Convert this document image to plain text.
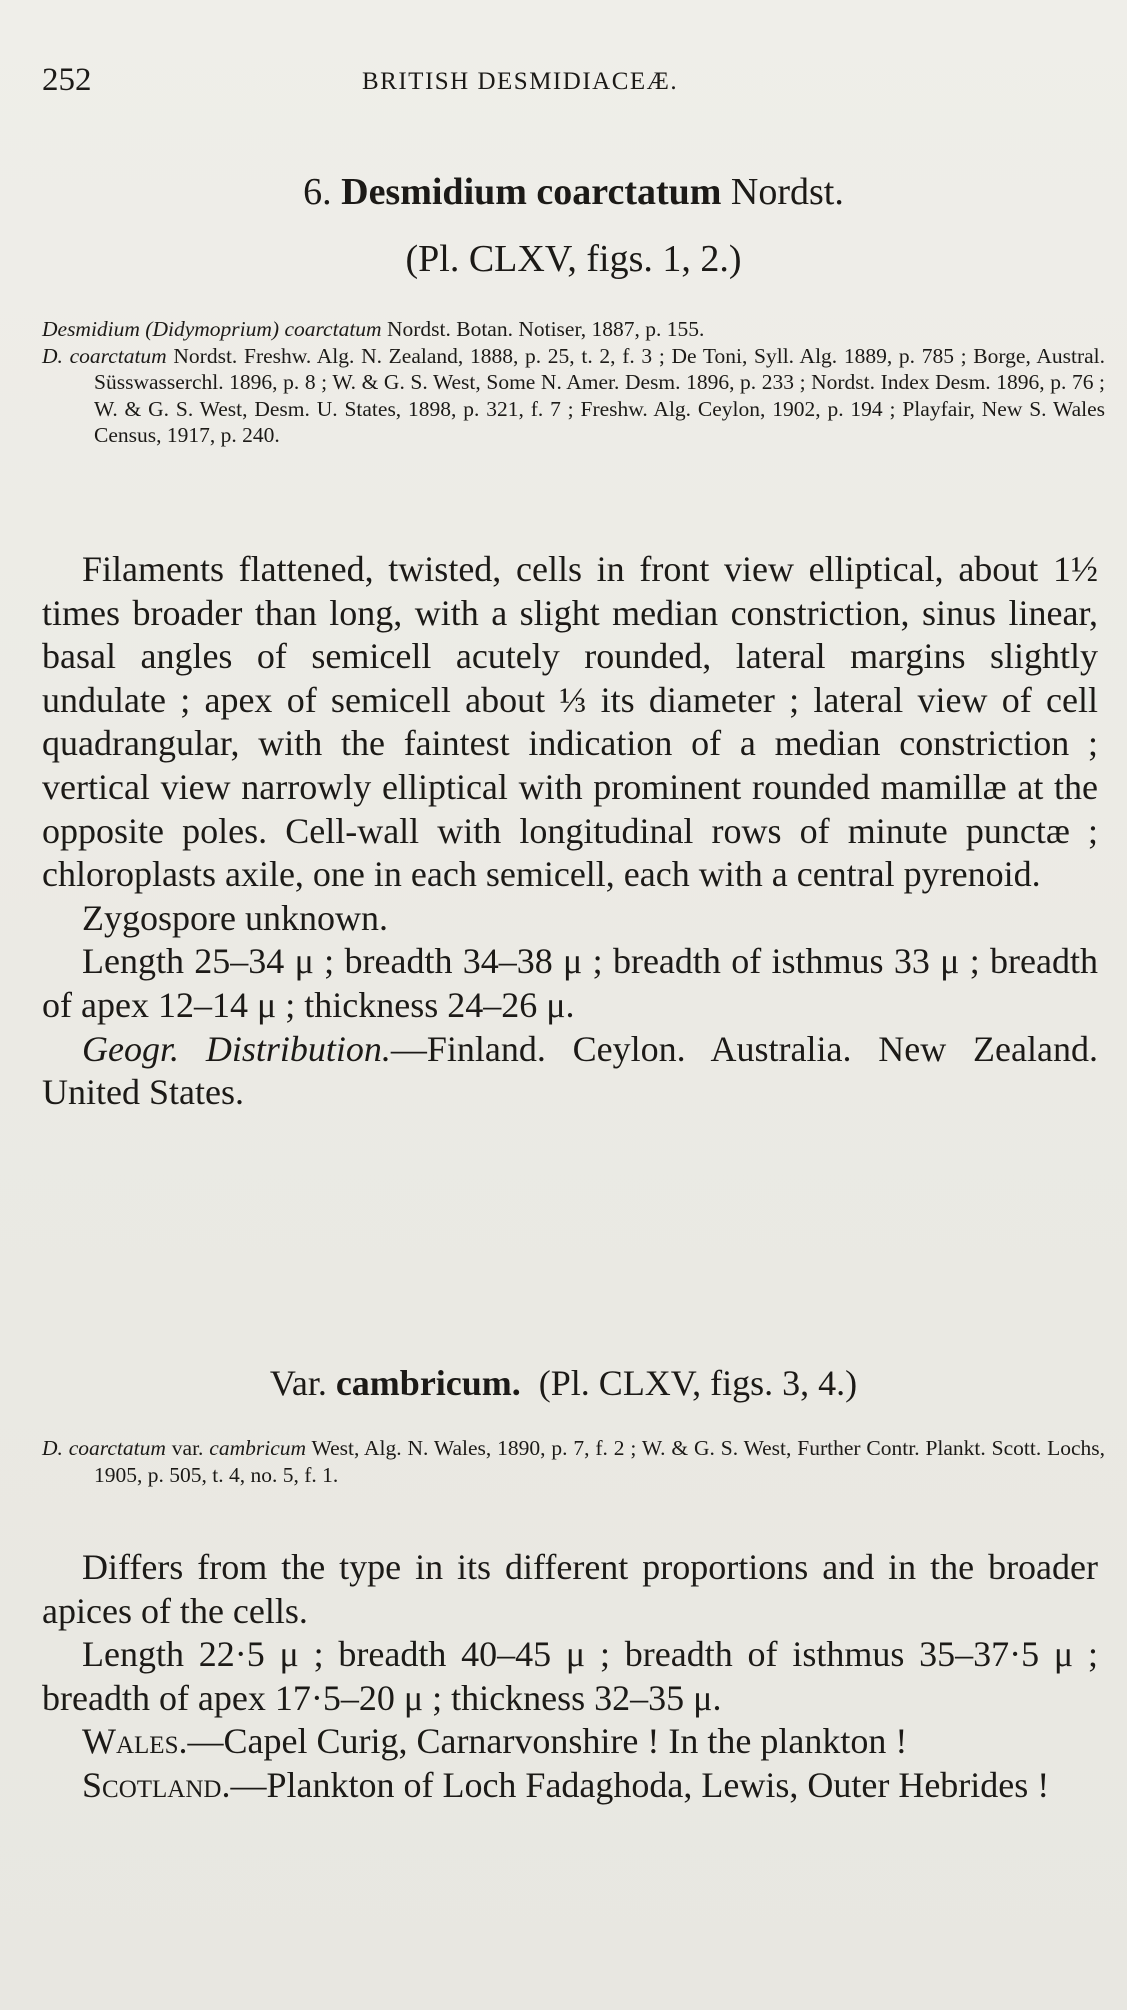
252	BRITISH DESMIDIACEÆ.
6. Desmidium coarctatum Nordst.
(Pl. CLXV, figs. 1, 2.)
Desmidium (Didymoprium) coarctatum Nordst. Botan. Notiser, 1887, p. 155.
D. coarctatum Nordst. Freshw. Alg. N. Zealand, 1888, p. 25, t. 2, f. 3 ; De Toni, Syll. Alg. 1889, p. 785 ; Borge, Austral. Süsswasserchl. 1896, p. 8 ; W. & G. S. West, Some N. Amer. Desm. 1896, p. 233 ; Nordst. Index Desm. 1896, p. 76 ; W. & G. S. West, Desm. U. States, 1898, p. 321, f. 7 ; Freshw. Alg. Ceylon, 1902, p. 194 ; Playfair, New S. Wales Census, 1917, p. 240.
Filaments flattened, twisted, cells in front view elliptical, about 1½ times broader than long, with a slight median constriction, sinus linear, basal angles of semicell acutely rounded, lateral margins slightly undulate ; apex of semicell about ⅓ its diameter ; lateral view of cell quadrangular, with the faintest indication of a median constriction ; vertical view narrowly elliptical with prominent rounded mamillæ at the opposite poles. Cell-wall with longitudinal rows of minute punctæ ; chloroplasts axile, one in each semicell, each with a central pyrenoid.
Zygospore unknown.
Length 25–34 μ ; breadth 34–38 μ ; breadth of isthmus 33 μ ; breadth of apex 12–14 μ ; thickness 24–26 μ.
Geogr. Distribution.—Finland. Ceylon. Australia. New Zealand. United States.
Var. cambricum. (Pl. CLXV, figs. 3, 4.)
D. coarctatum var. cambricum West, Alg. N. Wales, 1890, p. 7, f. 2 ; W. & G. S. West, Further Contr. Plankt. Scott. Lochs, 1905, p. 505, t. 4, no. 5, f. 1.
Differs from the type in its different proportions and in the broader apices of the cells.
Length 22·5 μ ; breadth 40–45 μ ; breadth of isthmus 35–37·5 μ ; breadth of apex 17·5–20 μ ; thickness 32–35 μ.
Wales.—Capel Curig, Carnarvonshire ! In the plankton !
Scotland.—Plankton of Loch Fadaghoda, Lewis, Outer Hebrides !
